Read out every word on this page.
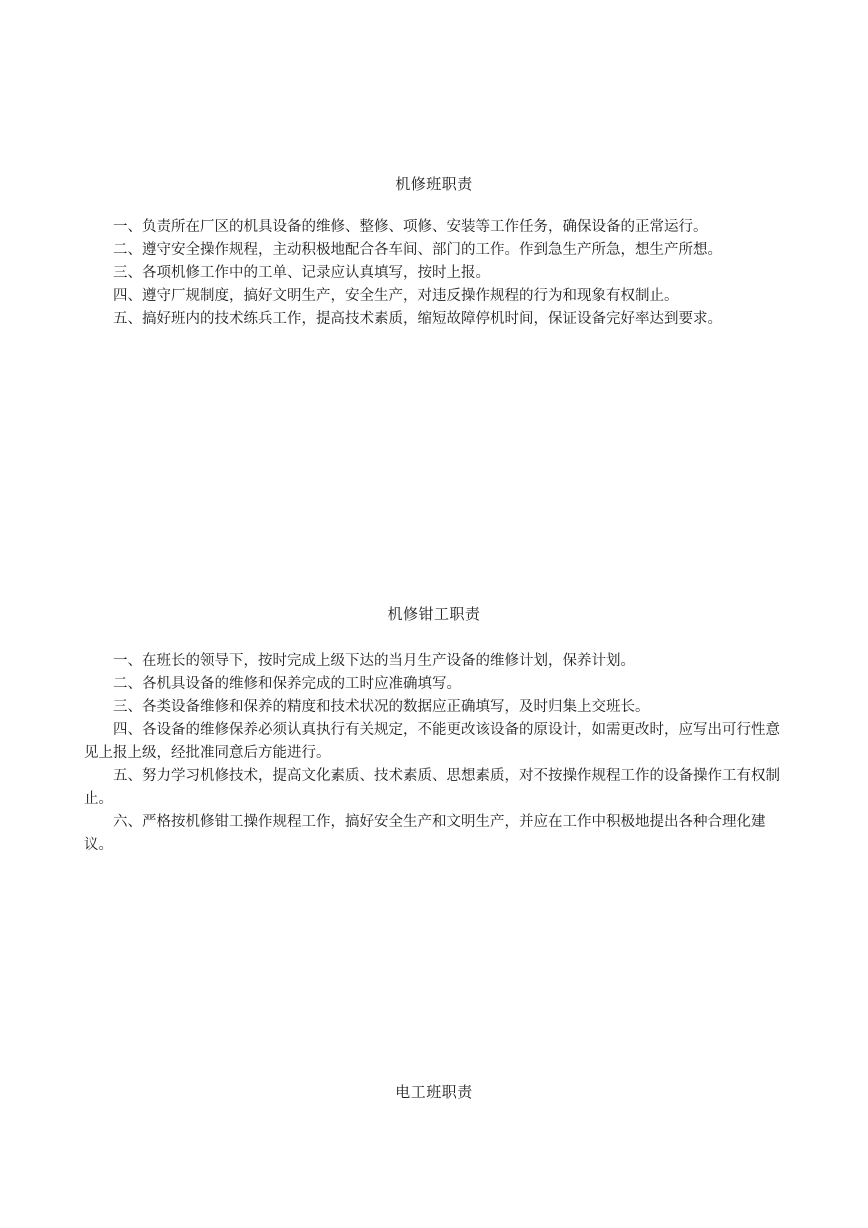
机修班职责

一、负责所在厂区的机具设备的维修、整修、项修、安装等工作任务，确保设备的正常运行。

二、遵守安全操作规程，主动积极地配合各车间、部门的工作。作到急生产所急，想生产所想。

三、各项机修工作中的工单、记录应认真填写，按时上报。

四、遵守厂规制度，搞好文明生产，安全生产，对违反操作规程的行为和现象有权制止。

五、搞好班内的技术练兵工作，提高技术素质，缩短故障停机时间，保证设备完好率达到要求。

机修钳工职责

一、在班长的领导下，按时完成上级下达的当月生产设备的维修计划，保养计划。

二、各机具设备的维修和保养完成的工时应准确填写。

三、各类设备维修和保养的精度和技术状况的数据应正确填写，及时归集上交班长。

四、各设备的维修保养必须认真执行有关规定，不能更改该设备的原设计，如需更改时，应写出可行性意见上报上级，经批准同意后方能进行。

五、努力学习机修技术，提高文化素质、技术素质、思想素质，对不按操作规程工作的设备操作工有权制止。

六、严格按机修钳工操作规程工作，搞好安全生产和文明生产，并应在工作中积极地提出各种合理化建议。

电工班职责
